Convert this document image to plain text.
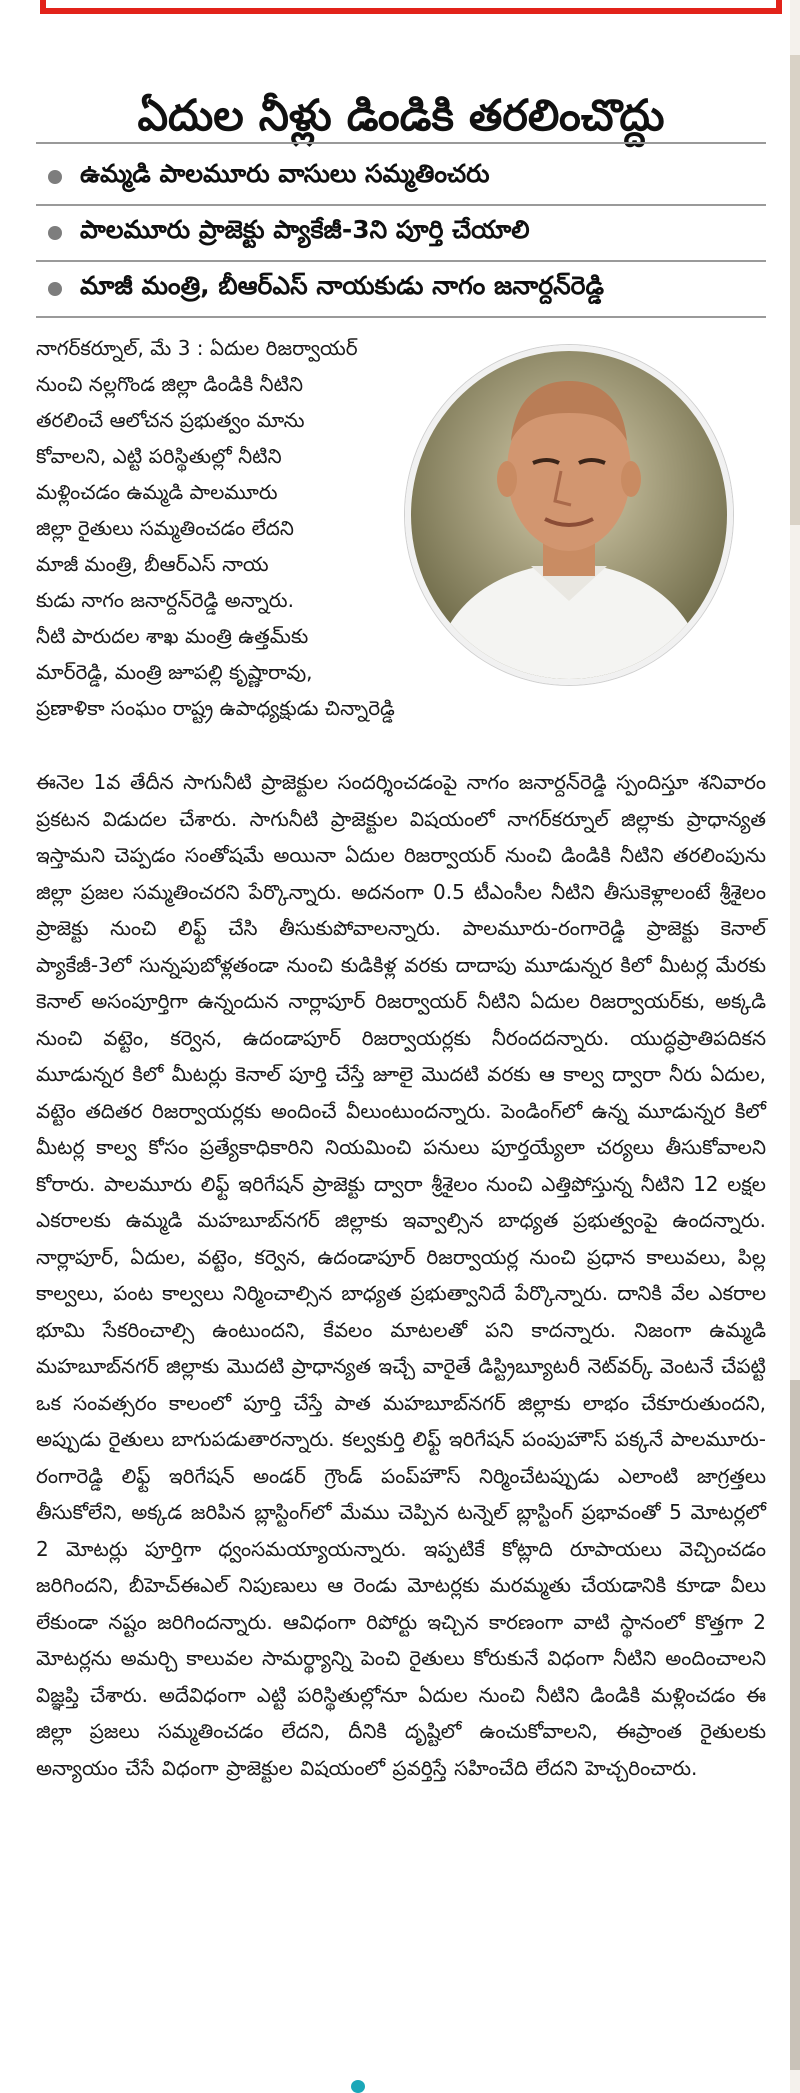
ఏదుల నీళ్లు డిండికి తరలించొద్దు
ఉమ్మడి పాలమూరు వాసులు సమ్మతించరు
పాలమూరు ప్రాజెక్టు ప్యాకేజీ-3ని పూర్తి చేయాలి
మాజీ మంత్రి, బీఆర్ఎస్ నాయకుడు నాగం జనార్దన్‌రెడ్డి

నాగర్‌కర్నూల్, మే 3 : ఏదుల రిజర్వాయర్
నుంచి నల్లగొండ జిల్లా డిండికి నీటిని
తరలించే ఆలోచన ప్రభుత్వం మాను
కోవాలని, ఎట్టి పరిస్థితుల్లో నీటిని
మళ్లించడం ఉమ్మడి పాలమూరు
జిల్లా రైతులు సమ్మతించడం లేదని
మాజీ మంత్రి, బీఆర్ఎస్ నాయ
కుడు నాగం జనార్దన్‌రెడ్డి అన్నారు.
నీటి పారుదల శాఖ మంత్రి ఉత్తమ్‌కు
మార్‌రెడ్డి, మంత్రి జూపల్లి కృష్ణారావు,
ప్రణాళికా సంఘం రాష్ట్ర ఉపాధ్యక్షుడు చిన్నారెడ్డి

ఈనెల 1వ తేదీన సాగునీటి ప్రాజెక్టుల సందర్శించడంపై నాగం జనార్దన్‌రెడ్డి స్పందిస్తూ శనివారం ప్రకటన విడుదల చేశారు. సాగునీటి ప్రాజెక్టుల విషయంలో నాగర్‌కర్నూల్ జిల్లాకు ప్రాధాన్యత ఇస్తామని చెప్పడం సంతోషమే అయినా ఏదుల రిజర్వాయర్ నుంచి డిండికి నీటిని తరలింపును జిల్లా ప్రజల సమ్మతించరని పేర్కొన్నారు. అదనంగా 0.5 టీఎంసీల నీటిని తీసుకెళ్లాలంటే శ్రీశైలం ప్రాజెక్టు నుంచి లిఫ్ట్ చేసి తీసుకుపోవాలన్నారు. పాలమూరు-రంగారెడ్డి ప్రాజెక్టు కెనాల్ ప్యాకేజీ-3లో సున్నపుబోళ్లతండా నుంచి కుడికిళ్ల వరకు దాదాపు మూడున్నర కిలో మీటర్ల మేరకు కెనాల్ అసంపూర్తిగా ఉన్నందున నార్లాపూర్ రిజర్వాయర్ నీటిని ఏదుల రిజర్వాయర్‌కు, అక్కడి నుంచి వట్టెం, కర్వెన, ఉదండాపూర్ రిజర్వాయర్లకు నీరందదన్నారు. యుద్ధప్రాతిపదికన మూడున్నర కిలో మీటర్లు కెనాల్ పూర్తి చేస్తే జూలై మొదటి వరకు ఆ కాల్వ ద్వారా నీరు ఏదుల, వట్టెం తదితర రిజర్వాయర్లకు అందించే వీలుంటుందన్నారు. పెండింగ్‌లో ఉన్న మూడున్నర కిలో మీటర్ల కాల్వ కోసం ప్రత్యేకాధికారిని నియమించి పనులు పూర్తయ్యేలా చర్యలు తీసుకోవాలని కోరారు. పాలమూరు లిఫ్ట్ ఇరిగేషన్ ప్రాజెక్టు ద్వారా శ్రీశైలం నుంచి ఎత్తిపోస్తున్న నీటిని 12 లక్షల ఎకరాలకు ఉమ్మడి మహబూబ్‌నగర్ జిల్లాకు ఇవ్వాల్సిన బాధ్యత ప్రభుత్వంపై ఉందన్నారు. నార్లాపూర్, ఏదుల, వట్టెం, కర్వెన, ఉదండాపూర్ రిజర్వాయర్ల నుంచి ప్రధాన కాలువలు, పిల్ల కాల్వలు, పంట కాల్వలు నిర్మించాల్సిన బాధ్యత ప్రభుత్వానిదే పేర్కొన్నారు. దానికి వేల ఎకరాల భూమి సేకరించాల్సి ఉంటుందని, కేవలం మాటలతో పని కాదన్నారు. నిజంగా ఉమ్మడి మహబూబ్‌నగర్ జిల్లాకు మొదటి ప్రాధాన్యత ఇచ్చే వారైతే డిస్ట్రిబ్యూటరీ నెట్‌వర్క్ వెంటనే చేపట్టి ఒక సంవత్సరం కాలంలో పూర్తి చేస్తే పాత మహబూబ్‌నగర్ జిల్లాకు లాభం చేకూరుతుందని, అప్పుడు రైతులు బాగుపడుతారన్నారు. కల్వకుర్తి లిఫ్ట్ ఇరిగేషన్ పంపుహౌస్ పక్కనే పాలమూరు-రంగారెడ్డి లిఫ్ట్ ఇరిగేషన్ అండర్ గ్రౌండ్ పంప్‌హౌస్ నిర్మించేటప్పుడు ఎలాంటి జాగ్రత్తలు తీసుకోలేని, అక్కడ జరిపిన బ్లాస్టింగ్‌లో మేము చెప్పిన టన్నెల్ బ్లాస్టింగ్ ప్రభావంతో 5 మోటర్లలో 2 మోటర్లు పూర్తిగా ధ్వంసమయ్యాయన్నారు. ఇప్పటికే కోట్లాది రూపాయలు వెచ్చించడం జరిగిందని, బీహెచ్ఈఎల్ నిపుణులు ఆ రెండు మోటర్లకు మరమ్మతు చేయడానికి కూడా వీలు లేకుండా నష్టం జరిగిందన్నారు. ఆవిధంగా రిపోర్టు ఇచ్చిన కారణంగా వాటి స్థానంలో కొత్తగా 2 మోటర్లను అమర్చి కాలువల సామర్థ్యాన్ని పెంచి రైతులు కోరుకునే విధంగా నీటిని అందించాలని విజ్ఞప్తి చేశారు. అదేవిధంగా ఎట్టి పరిస్థితుల్లోనూ ఏదుల నుంచి నీటిని డిండికి మళ్లించడం ఈ జిల్లా ప్రజలు సమ్మతించడం లేదని, దీనికి దృష్టిలో ఉంచుకోవాలని, ఈప్రాంత రైతులకు అన్యాయం చేసే విధంగా ప్రాజెక్టుల విషయంలో ప్రవర్తిస్తే సహించేది లేదని హెచ్చరించారు.
